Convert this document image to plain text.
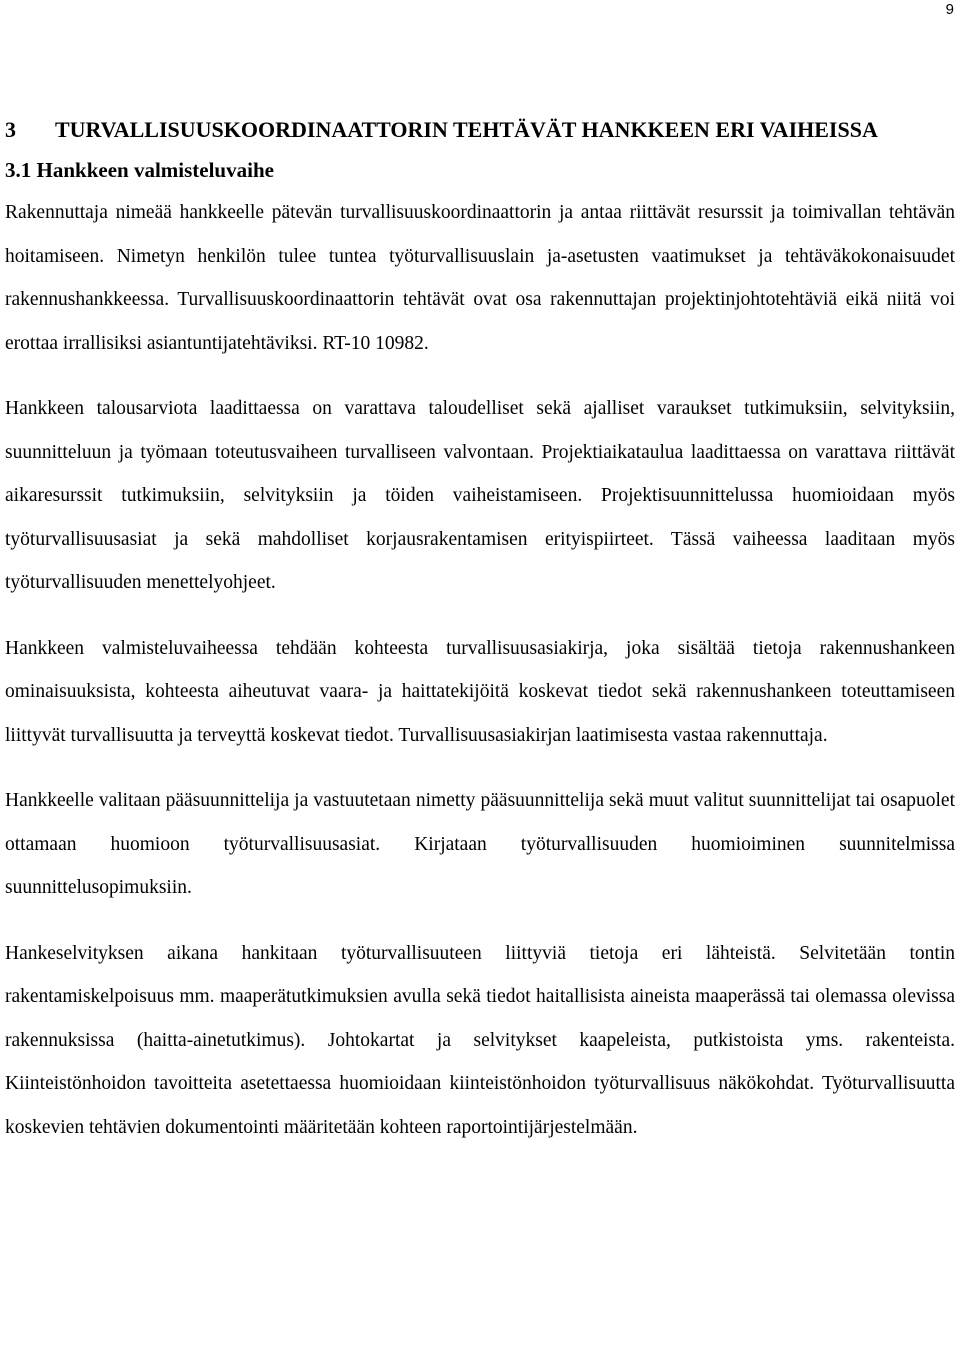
9
3	TURVALLISUUSKOORDINAATTORIN TEHTÄVÄT HANKKEEN ERI VAIHEISSA
3.1 Hankkeen valmisteluvaihe

Rakennuttaja nimeää hankkeelle pätevän turvallisuuskoordinaattorin ja antaa riittävät resurssit ja toimivallan tehtävän hoitamiseen. Nimetyn henkilön tulee tuntea työturvallisuuslain ja-asetusten vaatimukset ja tehtäväkokonaisuudet rakennushankkeessa. Turvallisuuskoordinaattorin tehtävät ovat osa rakennuttajan projektinjohtotehtäviä eikä niitä voi erottaa irrallisiksi asiantuntijatehtäviksi. RT-10 10982.

Hankkeen talousarviota laadittaessa on varattava taloudelliset sekä ajalliset varaukset tutkimuksiin, selvityksiin, suunnitteluun ja työmaan toteutusvaiheen turvalliseen valvontaan. Projektiaikataulua laadittaessa on varattava riittävät aikaresurssit tutkimuksiin, selvityksiin ja töiden vaiheistamiseen. Projektisuunnittelussa huomioidaan myös työturvallisuusasiat ja sekä mahdolliset korjausrakentamisen erityispiirteet. Tässä vaiheessa laaditaan myös työturvallisuuden menettelyohjeet.

Hankkeen valmisteluvaiheessa tehdään kohteesta turvallisuusasiakirja, joka sisältää tietoja rakennushankeen ominaisuuksista, kohteesta aiheutuvat vaara- ja haittatekijöitä koskevat tiedot sekä rakennushankeen toteuttamiseen liittyvät turvallisuutta ja terveyttä koskevat tiedot. Turvallisuusasiakirjan laatimisesta vastaa rakennuttaja.

Hankkeelle valitaan pääsuunnittelija ja vastuutetaan nimetty pääsuunnittelija sekä muut valitut suunnittelijat tai osapuolet ottamaan huomioon työturvallisuusasiat. Kirjataan työturvallisuuden huomioiminen suunnitelmissa suunnittelusopimuksiin.

Hankeselvityksen aikana hankitaan työturvallisuuteen liittyviä tietoja eri lähteistä. Selvitetään tontin rakentamiskelpoisuus mm. maaperätutkimuksien avulla sekä tiedot haitallisista aineista maaperässä tai olemassa olevissa rakennuksissa (haitta-ainetutkimus). Johtokartat ja selvitykset kaapeleista, putkistoista yms. rakenteista. Kiinteistönhoidon tavoitteita asetettaessa huomioidaan kiinteistönhoidon työturvallisuus näkökohdat. Työturvallisuutta koskevien tehtävien dokumentointi määritetään kohteen raportointijärjestelmään.
